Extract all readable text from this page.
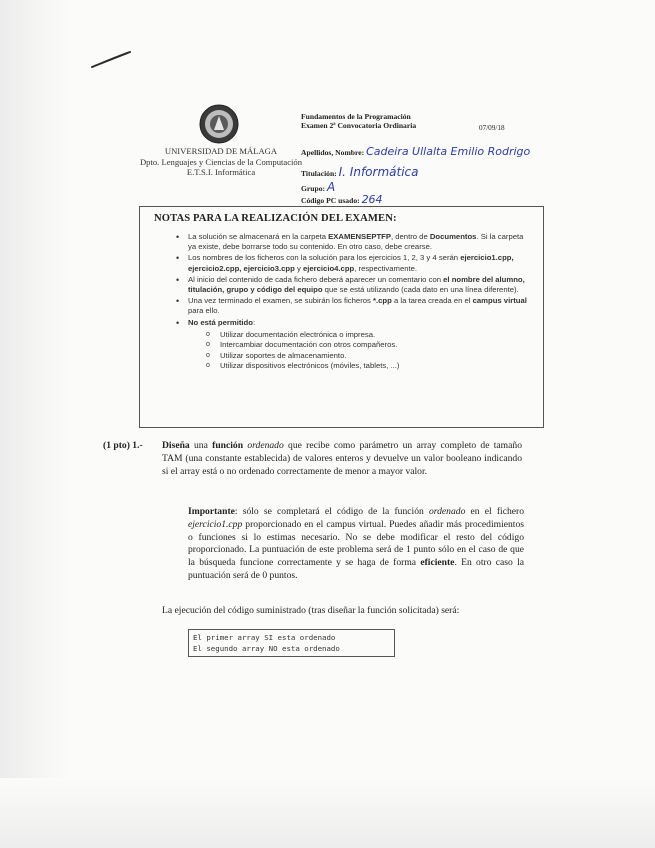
UNIVERSIDAD DE MÁLAGA
Dpto. Lenguajes y Ciencias de la Computación
E.T.S.I. Informática
Fundamentos de la Programación
Examen 2ª Convocatoria Ordinaria	07/09/18
Apellidos, Nombre: Cadeira Ullalta Emilio Rodrigo
Titulación: I. Informática
Grupo: A
Código PC usado: 264
NOTAS PARA LA REALIZACIÓN DEL EXAMEN:
• La solución se almacenará en la carpeta EXAMENSEPTFP, dentro de Documentos. Si la carpeta ya existe, debe borrarse todo su contenido. En otro caso, debe crearse.
• Los nombres de los ficheros con la solución para los ejercicios 1, 2, 3 y 4 serán ejercicio1.cpp, ejercicio2.cpp, ejercicio3.cpp y ejercicio4.cpp, respectivamente.
• Al inicio del contenido de cada fichero deberá aparecer un comentario con el nombre del alumno, titulación, grupo y código del equipo que se está utilizando (cada dato en una línea diferente).
• Una vez terminado el examen, se subirán los ficheros *.cpp a la tarea creada en el campus virtual para ello.
• No está permitido:
o Utilizar documentación electrónica o impresa.
o Intercambiar documentación con otros compañeros.
o Utilizar soportes de almacenamiento.
o Utilizar dispositivos electrónicos (móviles, tablets, ...)
(1 pto) 1.- Diseña una función ordenado que recibe como parámetro un array completo de tamaño TAM (una constante establecida) de valores enteros y devuelve un valor booleano indicando si el array está o no ordenado correctamente de menor a mayor valor.
Importante: sólo se completará el código de la función ordenado en el fichero ejercicio1.cpp proporcionado en el campus virtual. Puedes añadir más procedimientos o funciones si lo estimas necesario. No se debe modificar el resto del código proporcionado. La puntuación de este problema será de 1 punto sólo en el caso de que la búsqueda funcione correctamente y se haga de forma eficiente. En otro caso la puntuación será de 0 puntos.
La ejecución del código suministrado (tras diseñar la función solicitada) será:
El primer array SI esta ordenado
El segundo array NO esta ordenado
